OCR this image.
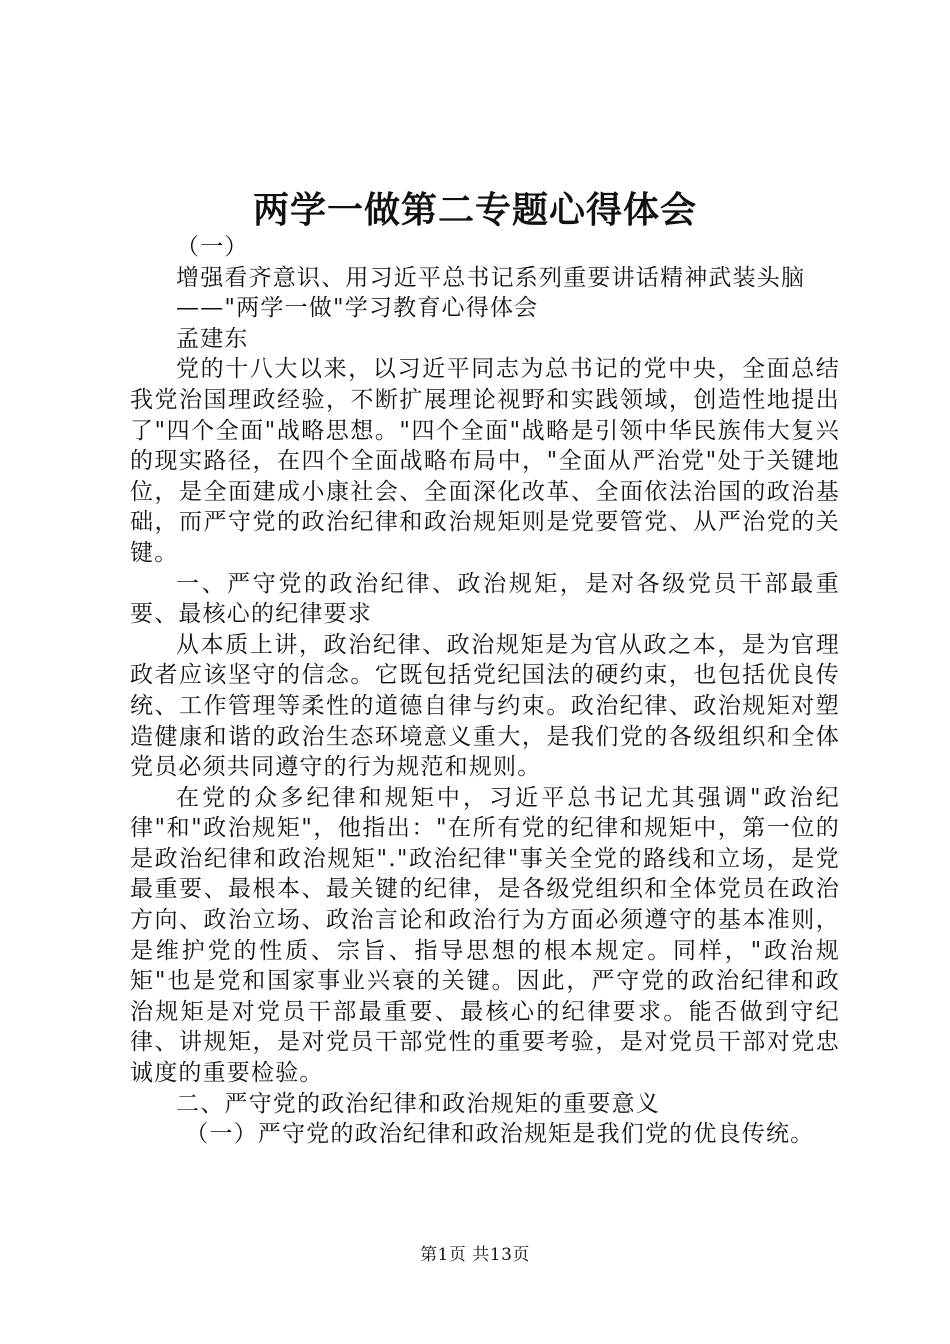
两学一做第二专题心得体会

（一）

增强看齐意识、用习近平总书记系列重要讲话精神武装头脑

——"两学一做"学习教育心得体会

孟建东

党的十八大以来，以习近平同志为总书记的党中央，全面总结我党治国理政经验，不断扩展理论视野和实践领域，创造性地提出了"四个全面"战略思想。"四个全面"战略是引领中华民族伟大复兴的现实路径，在四个全面战略布局中，"全面从严治党"处于关键地位，是全面建成小康社会、全面深化改革、全面依法治国的政治基础，而严守党的政治纪律和政治规矩则是党要管党、从严治党的关键。

一、严守党的政治纪律、政治规矩，是对各级党员干部最重要、最核心的纪律要求

从本质上讲，政治纪律、政治规矩是为官从政之本，是为官理政者应该坚守的信念。它既包括党纪国法的硬约束，也包括优良传统、工作管理等柔性的道德自律与约束。政治纪律、政治规矩对塑造健康和谐的政治生态环境意义重大，是我们党的各级组织和全体党员必须共同遵守的行为规范和规则。

在党的众多纪律和规矩中，习近平总书记尤其强调"政治纪律"和"政治规矩"，他指出："在所有党的纪律和规矩中，第一位的是政治纪律和政治规矩"."政治纪律"事关全党的路线和立场，是党最重要、最根本、最关键的纪律，是各级党组织和全体党员在政治方向、政治立场、政治言论和政治行为方面必须遵守的基本准则，是维护党的性质、宗旨、指导思想的根本规定。同样，"政治规矩"也是党和国家事业兴衰的关键。因此，严守党的政治纪律和政治规矩是对党员干部最重要、最核心的纪律要求。能否做到守纪律、讲规矩，是对党员干部党性的重要考验，是对党员干部对党忠诚度的重要检验。

二、严守党的政治纪律和政治规矩的重要意义

（一）严守党的政治纪律和政治规矩是我们党的优良传统。

第1页 共13页
